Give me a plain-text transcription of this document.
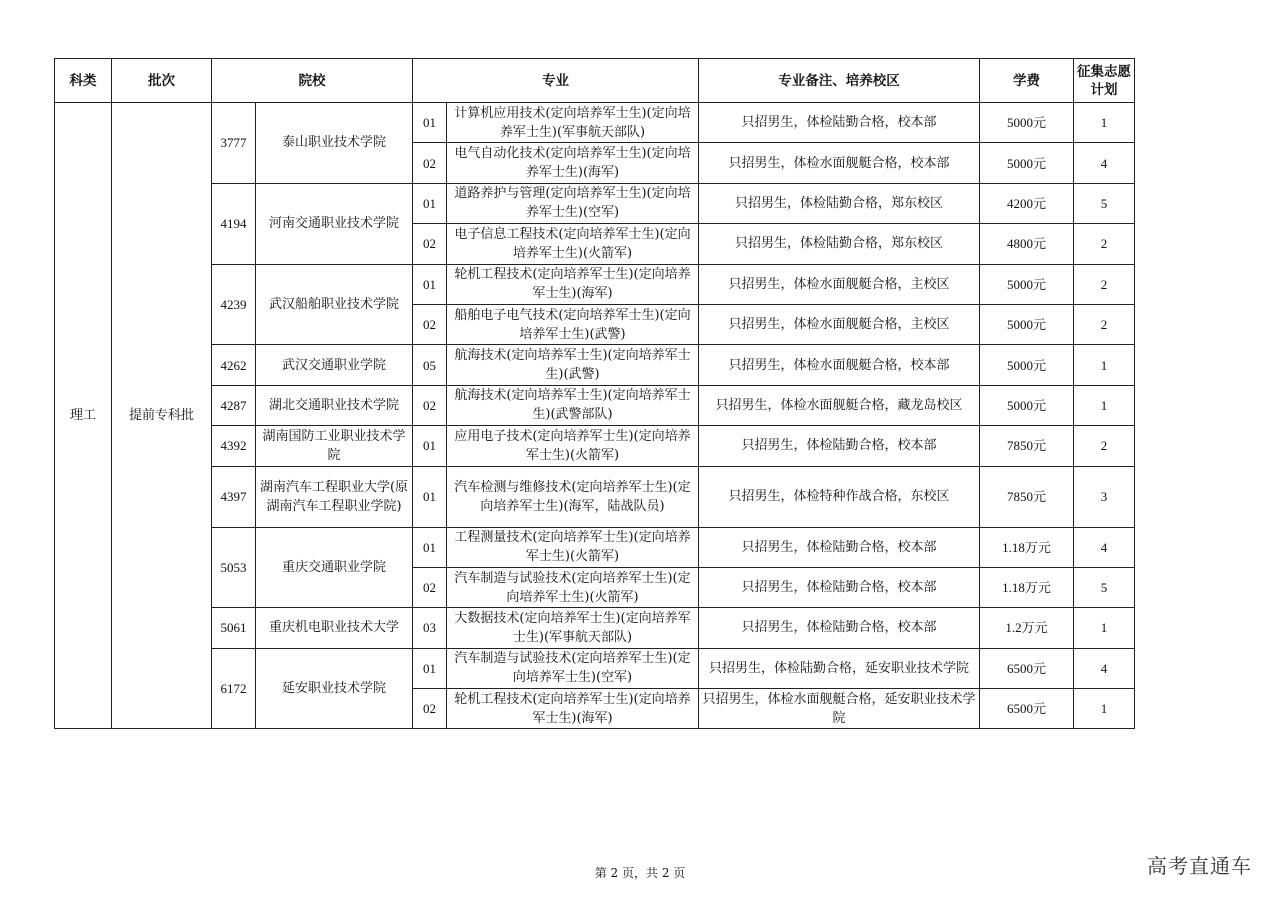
科类	批次	院校		专业		专业备注、培养校区	学费	征集志愿计划
理工	提前专科批	3777	泰山职业技术学院	01	计算机应用技术(定向培养军士生)(定向培养军士生)(军事航天部队)	只招男生，体检陆勤合格，校本部	5000元	1
				02	电气自动化技术(定向培养军士生)(定向培养军士生)(海军)	只招男生，体检水面舰艇合格，校本部	5000元	4
		4194	河南交通职业技术学院	01	道路养护与管理(定向培养军士生)(定向培养军士生)(空军)	只招男生，体检陆勤合格，郑东校区	4200元	5
				02	电子信息工程技术(定向培养军士生)(定向培养军士生)(火箭军)	只招男生，体检陆勤合格，郑东校区	4800元	2
		4239	武汉船舶职业技术学院	01	轮机工程技术(定向培养军士生)(定向培养军士生)(海军)	只招男生，体检水面舰艇合格，主校区	5000元	2
				02	船舶电子电气技术(定向培养军士生)(定向培养军士生)(武警)	只招男生，体检水面舰艇合格，主校区	5000元	2
		4262	武汉交通职业学院	05	航海技术(定向培养军士生)(定向培养军士生)(武警)	只招男生，体检水面舰艇合格，校本部	5000元	1
		4287	湖北交通职业技术学院	02	航海技术(定向培养军士生)(定向培养军士生)(武警部队)	只招男生，体检水面舰艇合格，藏龙岛校区	5000元	1
		4392	湖南国防工业职业技术学院	01	应用电子技术(定向培养军士生)(定向培养军士生)(火箭军)	只招男生，体检陆勤合格，校本部	7850元	2
		4397	湖南汽车工程职业大学(原湖南汽车工程职业学院)	01	汽车检测与维修技术(定向培养军士生)(定向培养军士生)(海军，陆战队员)	只招男生，体检特种作战合格，东校区	7850元	3
		5053	重庆交通职业学院	01	工程测量技术(定向培养军士生)(定向培养军士生)(火箭军)	只招男生，体检陆勤合格，校本部	1.18万元	4
				02	汽车制造与试验技术(定向培养军士生)(定向培养军士生)(火箭军)	只招男生，体检陆勤合格，校本部	1.18万元	5
		5061	重庆机电职业技术大学	03	大数据技术(定向培养军士生)(定向培养军士生)(军事航天部队)	只招男生，体检陆勤合格，校本部	1.2万元	1
		6172	延安职业技术学院	01	汽车制造与试验技术(定向培养军士生)(定向培养军士生)(空军)	只招男生，体检陆勤合格，延安职业技术学院	6500元	4
				02	轮机工程技术(定向培养军士生)(定向培养军士生)(海军)	只招男生，体检水面舰艇合格，延安职业技术学院	6500元	1
第 2 页，共 2 页	高考直通车
